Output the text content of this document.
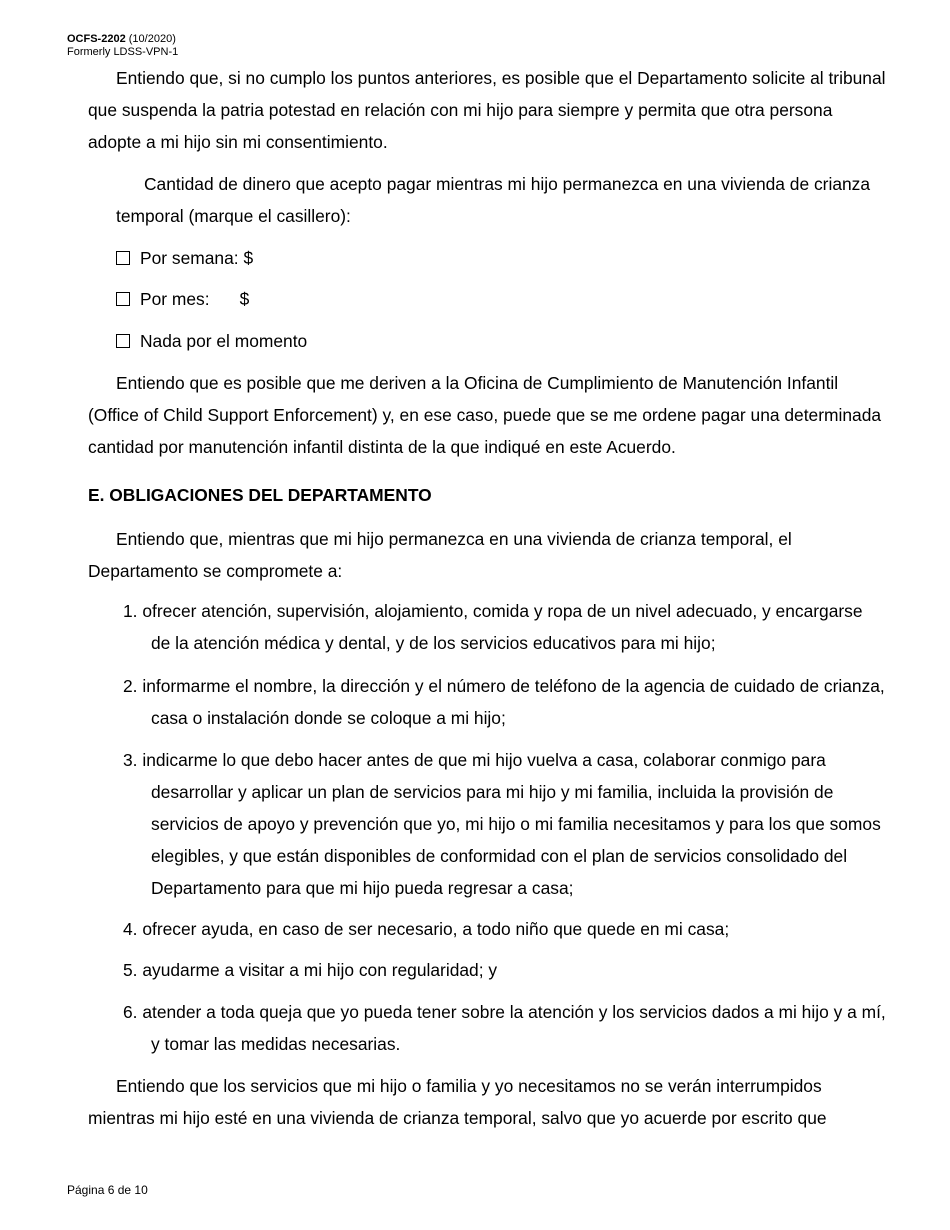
OCFS-2202 (10/2020)
Formerly LDSS-VPN-1

Entiendo que, si no cumplo los puntos anteriores, es posible que el Departamento solicite al tribunal que suspenda la patria potestad en relación con mi hijo para siempre y permita que otra persona adopte a mi hijo sin mi consentimiento.

Cantidad de dinero que acepto pagar mientras mi hijo permanezca en una vivienda de crianza temporal (marque el casillero):

Por semana:
$
Por mes: $
Nada por el momento

Entiendo que es posible que me deriven a la Oficina de Cumplimiento de Manutención Infantil (Office of Child Support Enforcement) y, en ese caso, puede que se me ordene pagar una determinada cantidad por manutención infantil distinta de la que indiqué en este Acuerdo.

E. OBLIGACIONES DEL DEPARTAMENTO

Entiendo que, mientras que mi hijo permanezca en una vivienda de crianza temporal, el Departamento se compromete a:

1. ofrecer atención, supervisión, alojamiento, comida y ropa de un nivel adecuado, y encargarse de la atención médica y dental, y de los servicios educativos para mi hijo;

2. informarme el nombre, la dirección y el número de teléfono de la agencia de cuidado de crianza, casa o instalación donde se coloque a mi hijo;

3. indicarme lo que debo hacer antes de que mi hijo vuelva a casa, colaborar conmigo para desarrollar y aplicar un plan de servicios para mi hijo y mi familia, incluida la provisión de servicios de apoyo y prevención que yo, mi hijo o mi familia necesitamos y para los que somos elegibles, y que están disponibles de conformidad con el plan de servicios consolidado del Departamento para que mi hijo pueda regresar a casa;

4. ofrecer ayuda, en caso de ser necesario, a todo niño que quede en mi casa;

5. ayudarme a visitar a mi hijo con regularidad; y

6. atender a toda queja que yo pueda tener sobre la atención y los servicios dados a mi hijo y a mí, y tomar las medidas necesarias.

Entiendo que los servicios que mi hijo o familia y yo necesitamos no se verán interrumpidos mientras mi hijo esté en una vivienda de crianza temporal, salvo que yo acuerde por escrito que

Página 6 de 10
